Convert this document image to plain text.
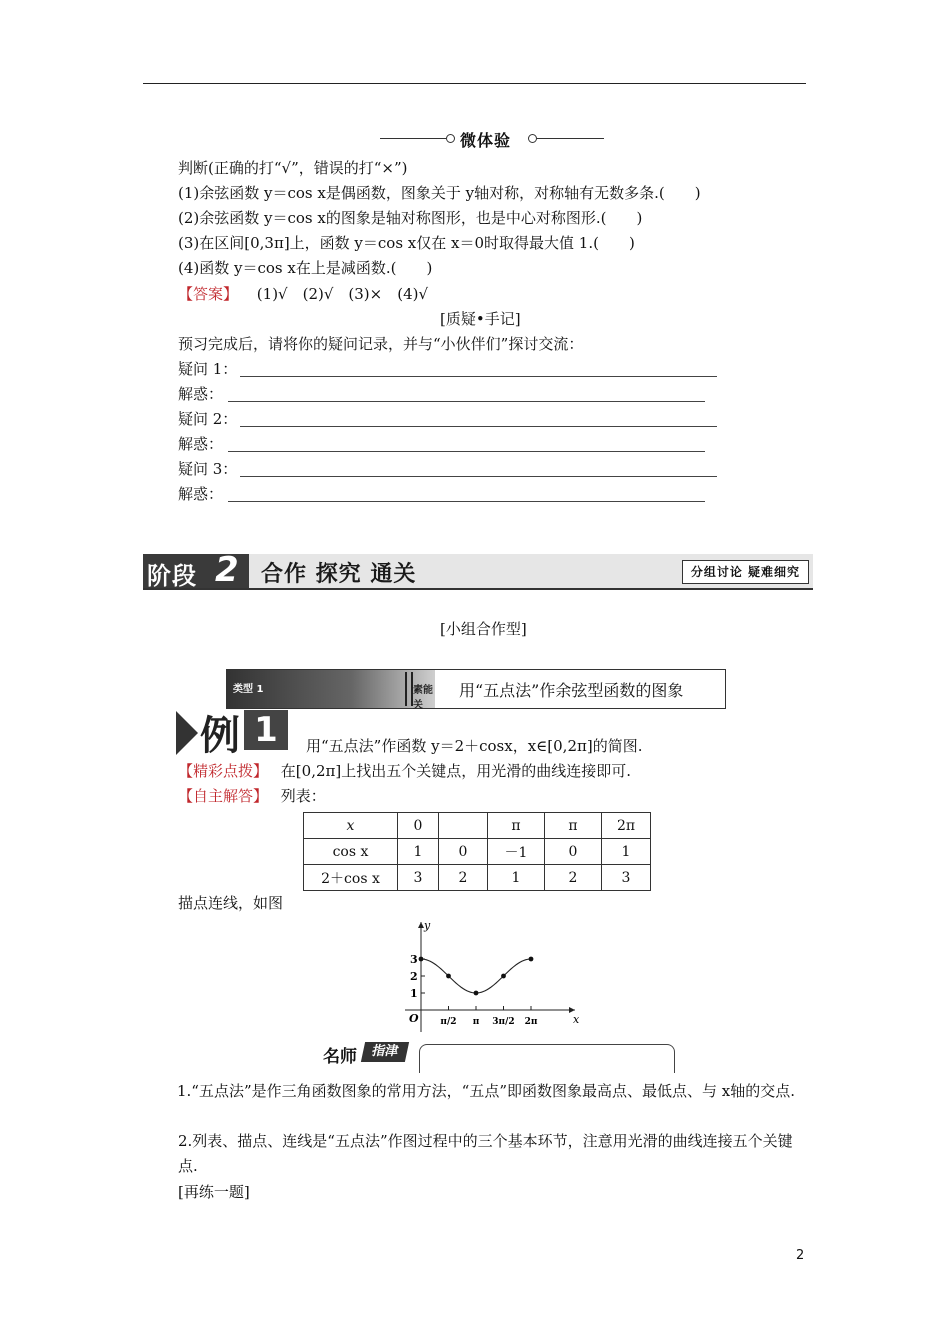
微体验
判断(正确的打“√”，错误的打“×”)
(1)余弦函数 y＝cos x是偶函数，图象关于 y轴对称，对称轴有无数多条.(　　)
(2)余弦函数 y＝cos x的图象是轴对称图形，也是中心对称图形.(　　)
(3)在区间[0,3π]上，函数 y＝cos x仅在 x＝0时取得最大值 1.(　　)
(4)函数 y＝cos x在上是减函数.(　　)
【答案】 (1)√　(2)√　(3)×　(4)√
[质疑•手记]
预习完成后，请将你的疑问记录，并与“小伙伴们”探讨交流：
疑问 1：
解惑：
疑问 2：
解惑：
疑问 3：
解惑：
阶段 2 合作 探究 通关	分组讨论 疑难细究
[小组合作型]
类型 1	素能关
用“五点法”作余弦型函数的图象
例 1	用“五点法”作函数 y＝2＋cosx，x∈[0,2π]的简图.
【精彩点拨】 在[0,2π]上找出五个关键点，用光滑的曲线连接即可.
【自主解答】 列表：
x	0		π	π	2π
cos x	1	0	－1	0	1
2＋cos x	3	2	1	2	3
描点连线，如图
1
2
3
π/2 π 3π/2 2π
O	x
y
名师	指津
1.“五点法”是作三角函数图象的常用方法，“五点”即函数图象最高点、最低点、与 x轴的交点.
2.列表、描点、连线是“五点法”作图过程中的三个基本环节，注意用光滑的曲线连接五个关键点.
[再练一题]
2
